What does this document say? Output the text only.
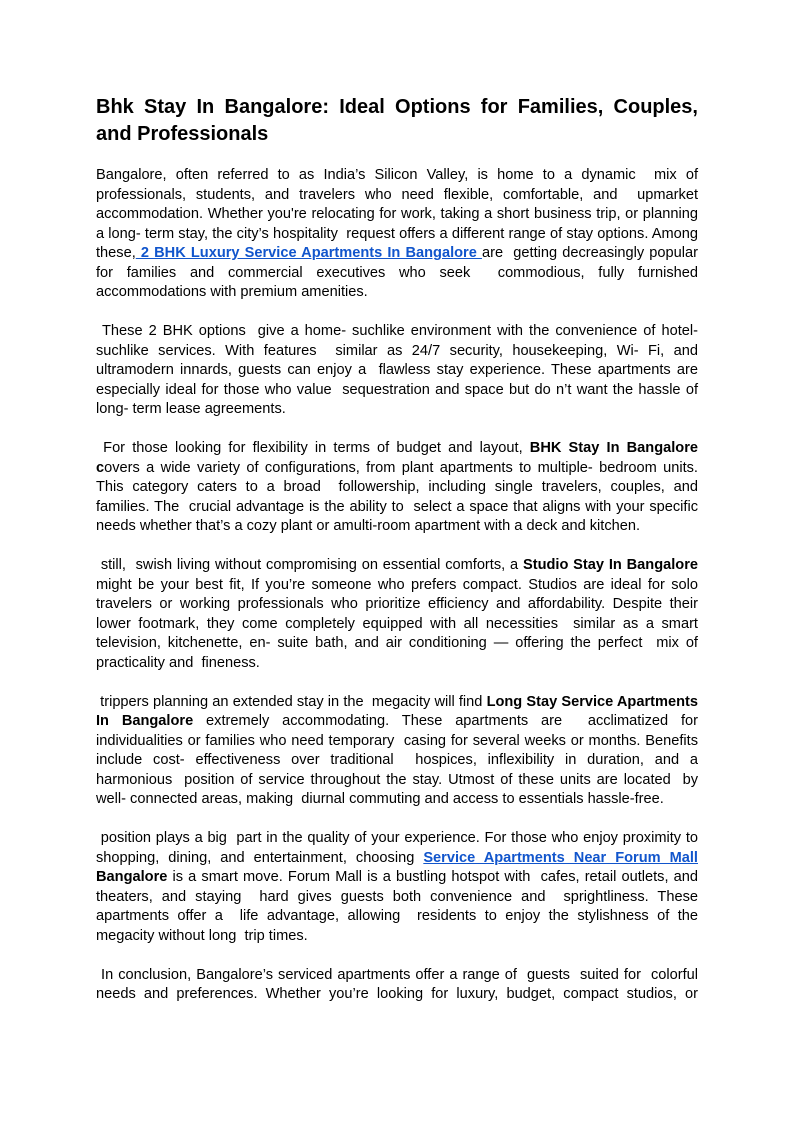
Bhk Stay In Bangalore: Ideal Options for Families, Couples, and Professionals

Bangalore, often referred to as India’s Silicon Valley, is home to a dynamic  mix of professionals, students, and travelers who need flexible, comfortable, and  upmarket accommodation. Whether you're relocating for work, taking a short business trip, or planning a long- term stay, the city’s hospitality  request offers a different range of stay options. Among these, 2 BHK Luxury Service Apartments In Bangalore are  getting decreasingly popular for families and commercial executives who seek  commodious, fully furnished accommodations with premium amenities.

These 2 BHK options  give a home- suchlike environment with the convenience of hotel-suchlike services. With features  similar as 24/7 security, housekeeping, Wi- Fi, and ultramodern innards, guests can enjoy a  flawless stay experience. These apartments are especially ideal for those who value  sequestration and space but do n’t want the hassle of long- term lease agreements.

For those looking for flexibility in terms of budget and layout, BHK Stay In Bangalore covers a wide variety of configurations, from plant apartments to multiple- bedroom units. This category caters to a broad  followership, including single travelers, couples, and families. The  crucial advantage is the ability to  select a space that aligns with your specific needs whether that’s a cozy plant or amulti-room apartment with a deck and kitchen.

still,  swish living without compromising on essential comforts, a Studio Stay In Bangalore might be your best fit, If you’re someone who prefers compact. Studios are ideal for solo travelers or working professionals who prioritize efficiency and affordability. Despite their lower footmark, they come completely equipped with all necessities  similar as a smart television, kitchenette, en- suite bath, and air conditioning — offering the perfect  mix of practicality and  fineness.

trippers planning an extended stay in the  megacity will find Long Stay Service Apartments In Bangalore extremely accommodating. These apartments are  acclimatized for  individualities or families who need temporary  casing for several weeks or months. Benefits include cost- effectiveness over traditional  hospices, inflexibility in duration, and a harmonious  position of service throughout the stay. Utmost of these units are located  by well- connected areas, making  diurnal commuting and access to essentials hassle-free.

position plays a big  part in the quality of your experience. For those who enjoy proximity to shopping, dining, and entertainment, choosing Service Apartments Near Forum Mall Bangalore is a smart move. Forum Mall is a bustling hotspot with  cafes, retail outlets, and theaters, and staying  hard gives guests both convenience and  sprightliness. These apartments offer a  life advantage, allowing  residents to enjoy the stylishness of the megacity without long  trip times.

In conclusion, Bangalore’s serviced apartments offer a range of  guests  suited for  colorful needs and preferences. Whether you’re looking for luxury, budget, compact studios, or
